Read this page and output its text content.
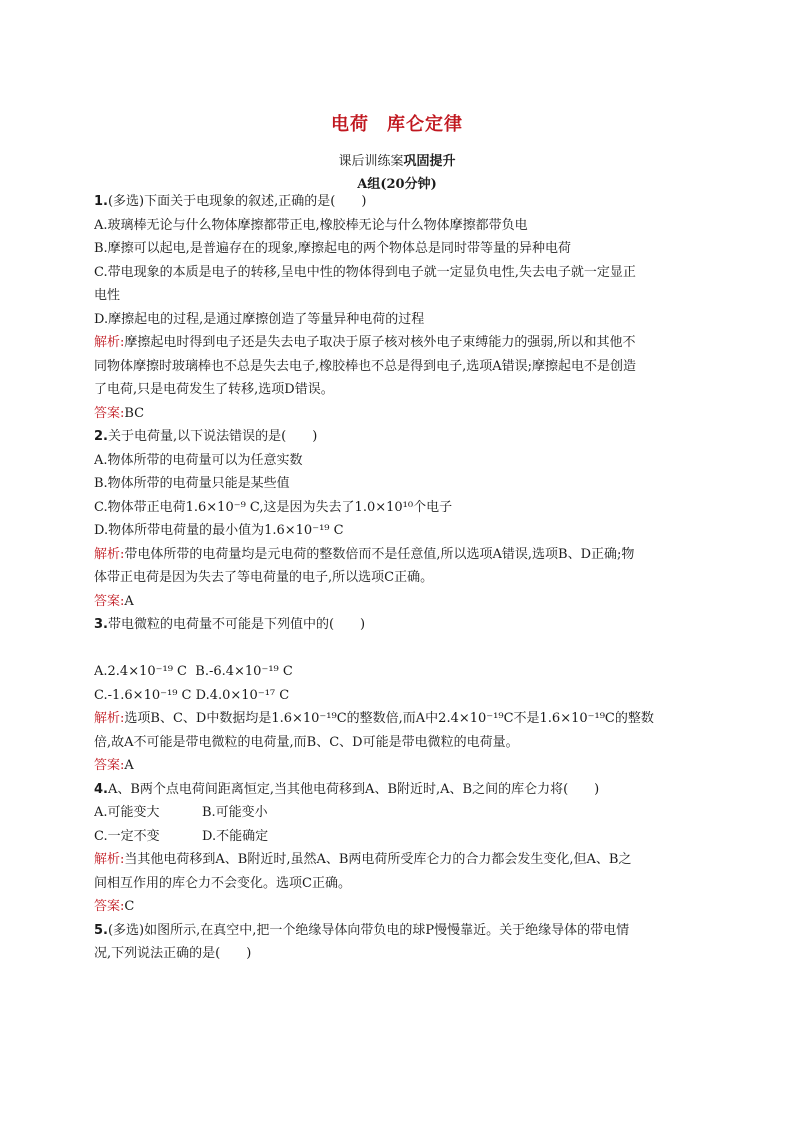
电荷 库仑定律
课后训练案巩固提升
A组(20分钟)
1.(多选)下面关于电现象的叙述,正确的是(　　)
A.玻璃棒无论与什么物体摩擦都带正电,橡胶棒无论与什么物体摩擦都带负电
B.摩擦可以起电,是普遍存在的现象,摩擦起电的两个物体总是同时带等量的异种电荷
C.带电现象的本质是电子的转移,呈电中性的物体得到电子就一定显负电性,失去电子就一定显正
电性
D.摩擦起电的过程,是通过摩擦创造了等量异种电荷的过程
解析:摩擦起电时得到电子还是失去电子取决于原子核对核外电子束缚能力的强弱,所以和其他不
同物体摩擦时玻璃棒也不总是失去电子,橡胶棒也不总是得到电子,选项A错误;摩擦起电不是创造
了电荷,只是电荷发生了转移,选项D错误。
答案:BC
2.关于电荷量,以下说法错误的是(　　)
A.物体所带的电荷量可以为任意实数
B.物体所带的电荷量只能是某些值
C.物体带正电荷1.6×10⁻⁹ C,这是因为失去了1.0×10¹⁰个电子
D.物体所带电荷量的最小值为1.6×10⁻¹⁹ C
解析:带电体所带的电荷量均是元电荷的整数倍而不是任意值,所以选项A错误,选项B、D正确;物
体带正电荷是因为失去了等电荷量的电子,所以选项C正确。
答案:A
3.带电微粒的电荷量不可能是下列值中的(　　)
A.2.4×10⁻¹⁹ C B.-6.4×10⁻¹⁹ C
C.-1.6×10⁻¹⁹ C D.4.0×10⁻¹⁷ C
解析:选项B、C、D中数据均是1.6×10⁻¹⁹C的整数倍,而A中2.4×10⁻¹⁹C不是1.6×10⁻¹⁹C的整数
倍,故A不可能是带电微粒的电荷量,而B、C、D可能是带电微粒的电荷量。
答案:A
4.A、B两个点电荷间距离恒定,当其他电荷移到A、B附近时,A、B之间的库仑力将(　　)
A.可能变大	B.可能变小
C.一定不变	D.不能确定
解析:当其他电荷移到A、B附近时,虽然A、B两电荷所受库仑力的合力都会发生变化,但A、B之
间相互作用的库仑力不会变化。选项C正确。
答案:C
5.(多选)如图所示,在真空中,把一个绝缘导体向带负电的球P慢慢靠近。关于绝缘导体的带电情
况,下列说法正确的是(　　)
